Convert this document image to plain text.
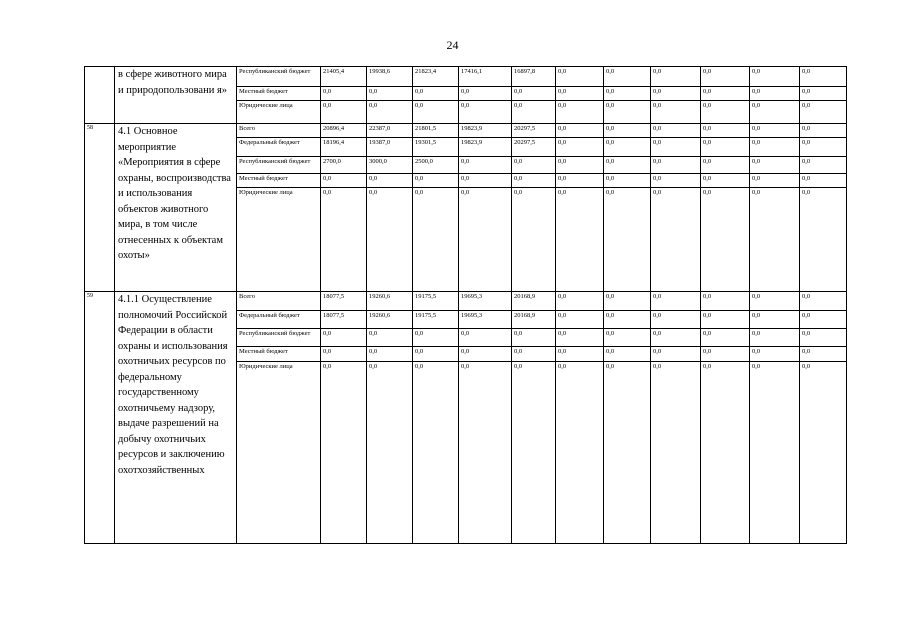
24
	в сфере животного мира и природопользовани я»	Республиканский бюджет	21405,4	19938,6	21823,4	17416,1	16897,8	0,0	0,0	0,0	0,0	0,0	0,0
		Местный бюджет	0,0	0,0	0,0	0,0	0,0	0,0	0,0	0,0	0,0	0,0	0,0
		Юридические лица	0,0	0,0	0,0	0,0	0,0	0,0	0,0	0,0	0,0	0,0	0,0
58	4.1 Основное мероприятие «Мероприятия в сфере охраны, воспроизводства и использования объектов животного мира, в том числе отнесенных к объектам охоты»	Всего	20896,4	22387,0	21801,5	19823,9	20297,5	0,0	0,0	0,0	0,0	0,0	0,0
		Федеральный бюджет	18196,4	19387,0	19301,5	19823,9	20297,5	0,0	0,0	0,0	0,0	0,0	0,0
		Республиканский бюджет	2700,0	3000,0	2500,0	0,0	0,0	0,0	0,0	0,0	0,0	0,0	0,0
		Местный бюджет	0,0	0,0	0,0	0,0	0,0	0,0	0,0	0,0	0,0	0,0	0,0
		Юридические лица	0,0	0,0	0,0	0,0	0,0	0,0	0,0	0,0	0,0	0,0	0,0
59	4.1.1 Осуществление полномочий Российской Федерации в области охраны и использования охотничьих ресурсов по федеральному государственному охотничьему надзору, выдаче разрешений на добычу охотничьих ресурсов и заключению охотхозяйственных	Всего	18077,5	19260,6	19175,5	19695,3	20168,9	0,0	0,0	0,0	0,0	0,0	0,0
		Федеральный бюджет	18077,5	19260,6	19175,5	19695,3	20168,9	0,0	0,0	0,0	0,0	0,0	0,0
		Республиканский бюджет	0,0	0,0	0,0	0,0	0,0	0,0	0,0	0,0	0,0	0,0	0,0
		Местный бюджет	0,0	0,0	0,0	0,0	0,0	0,0	0,0	0,0	0,0	0,0	0,0
		Юридические лица	0,0	0,0	0,0	0,0	0,0	0,0	0,0	0,0	0,0	0,0	0,0
